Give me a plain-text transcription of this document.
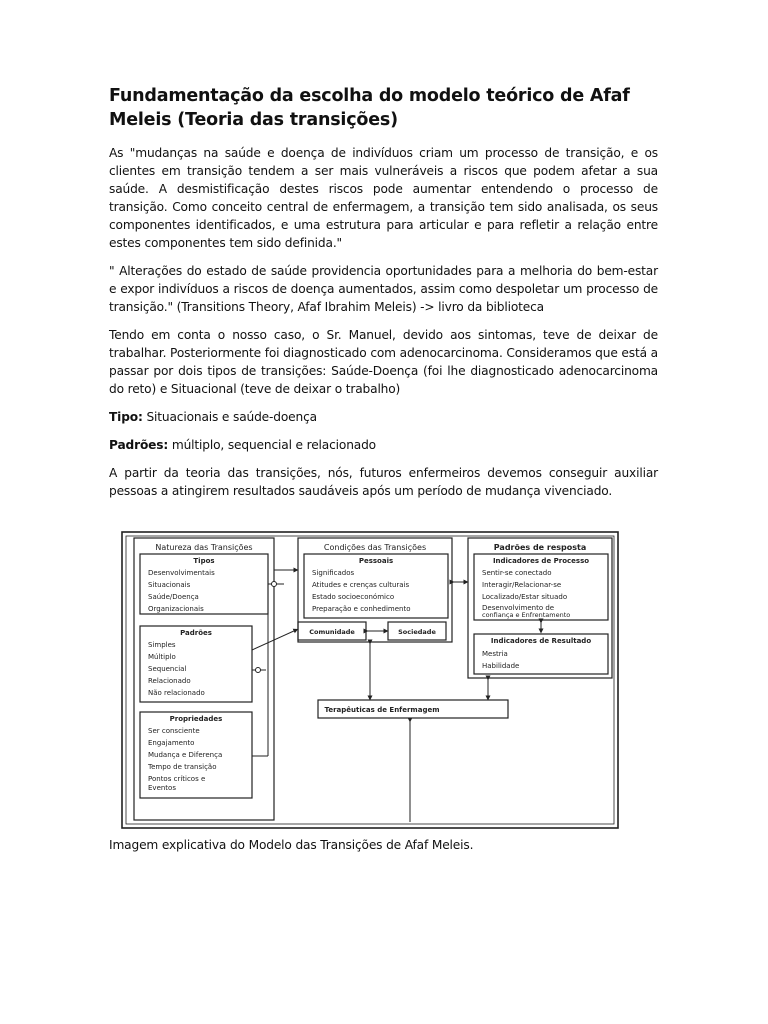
Fundamentação da escolha do modelo teórico de Afaf Meleis (Teoria das transições)

As "mudanças na saúde e doença de indivíduos criam um processo de transição, e os clientes em transição tendem a ser mais vulneráveis a riscos que podem afetar a sua saúde. A desmistificação destes riscos pode aumentar entendendo o processo de transição. Como conceito central de enfermagem, a transição tem sido analisada, os seus componentes identificados, e uma estrutura para articular e para refletir a relação entre estes componentes tem sido definida."

" Alterações do estado de saúde providencia oportunidades para a melhoria do bem-estar e expor indivíduos a riscos de doença aumentados, assim como despoletar um processo de transição." (Transitions Theory, Afaf Ibrahim Meleis) -> livro da biblioteca

Tendo em conta o nosso caso, o Sr. Manuel, devido aos sintomas, teve de deixar de trabalhar. Posteriormente foi diagnosticado com adenocarcinoma. Consideramos que está a passar por dois tipos de transições: Saúde-Doença (foi lhe diagnosticado adenocarcinoma do reto) e Situacional (teve de deixar o trabalho)

Tipo: Situacionais e saúde-doença

Padrões: múltiplo, sequencial e relacionado

A partir da teoria das transições, nós, futuros enfermeiros devemos conseguir auxiliar pessoas a atingirem resultados saudáveis após um período de mudança vivenciado.

Natureza das Transições
Tipos
Desenvolvimentais
Situacionais
Saúde/Doença
Organizacionais
Padrões
Simples
Múltiplo
Sequencial
Relacionado
Não relacionado
Propriedades
Ser consciente
Engajamento
Mudança e Diferença
Tempo de transição
Pontos críticos e
Eventos
Condições das Transições
Pessoais
Significados
Atitudes e crenças culturais
Estado socioeconómico
Preparação e conhedimento
Comunidade	Sociedade
Padrões de resposta
Indicadores de Processo
Sentir-se conectado
Interagir/Relacionar-se
Localizado/Estar situado
Desenvolvimento de
confiança e Enfrentamento
Indicadores de Resultado
Mestria
Habilidade
Terapêuticas de Enfermagem
Imagem explicativa do Modelo das Transições de Afaf Meleis.
